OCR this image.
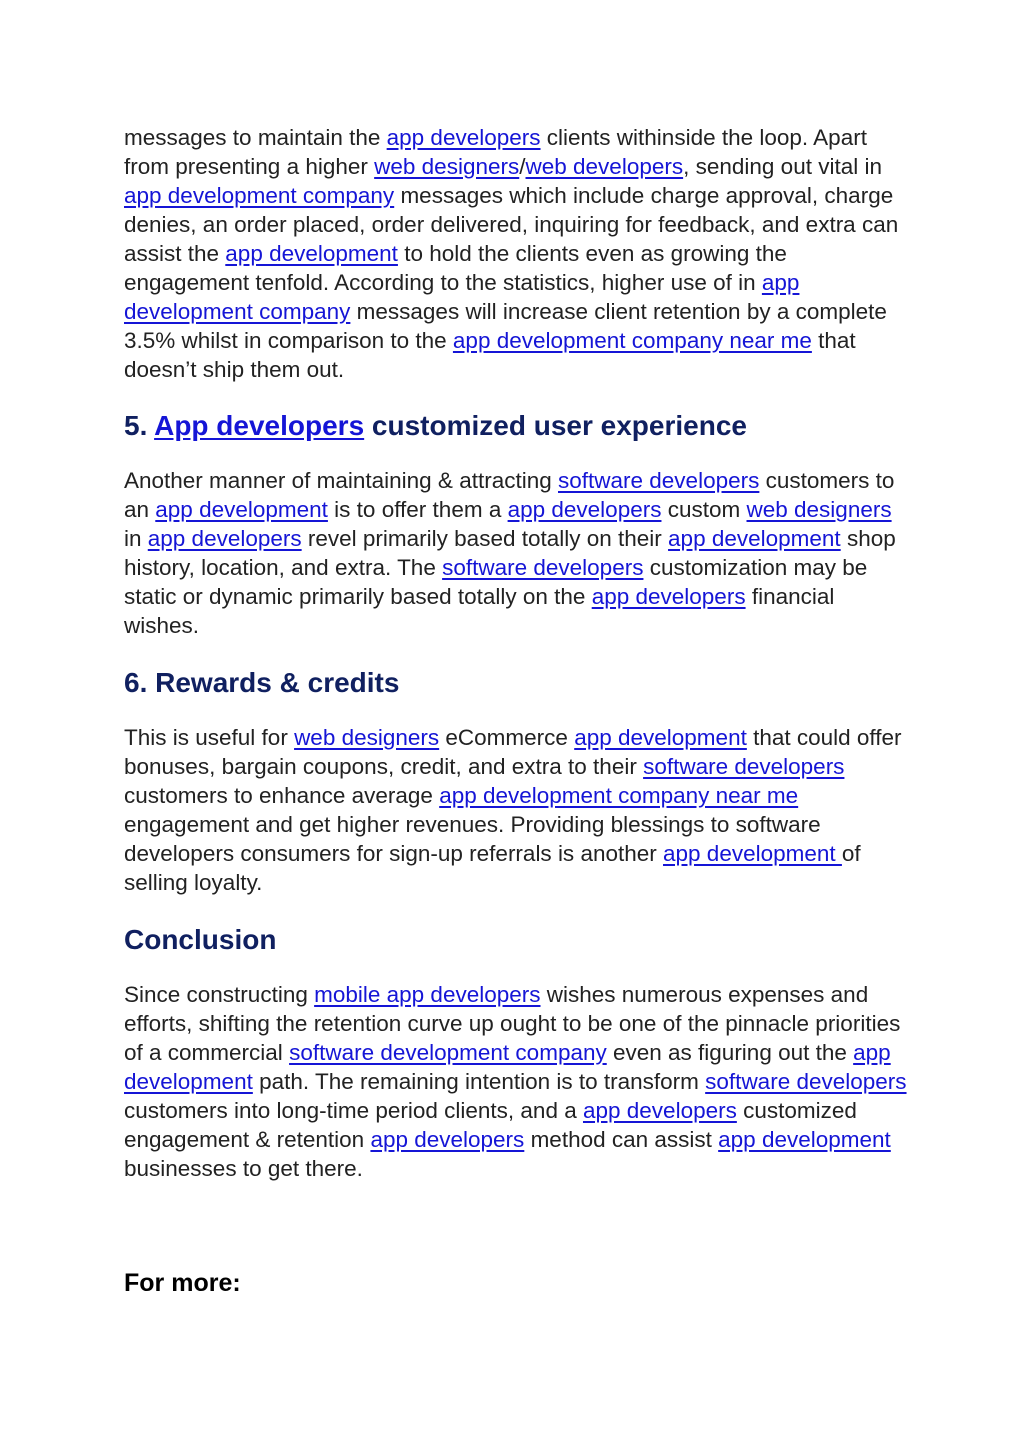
messages to maintain the app developers clients withinside the loop. Apart from presenting a higher web designers/web developers, sending out vital in app development company messages which include charge approval, charge denies, an order placed, order delivered, inquiring for feedback, and extra can assist the app development to hold the clients even as growing the engagement tenfold. According to the statistics, higher use of in app development company messages will increase client retention by a complete 3.5% whilst in comparison to the app development company near me that doesn’t ship them out.

5. App developers customized user experience

Another manner of maintaining & attracting software developers customers to an app development is to offer them a app developers custom web designers in app developers revel primarily based totally on their app development shop history, location, and extra. The software developers customization may be static or dynamic primarily based totally on the app developers financial wishes.

6. Rewards & credits

This is useful for web designers eCommerce app development that could offer bonuses, bargain coupons, credit, and extra to their software developers customers to enhance average app development company near me engagement and get higher revenues. Providing blessings to software developers consumers for sign-up referrals is another app development of selling loyalty.

Conclusion

Since constructing mobile app developers wishes numerous expenses and efforts, shifting the retention curve up ought to be one of the pinnacle priorities of a commercial software development company even as figuring out the app development path. The remaining intention is to transform software developers customers into long-time period clients, and a app developers customized engagement & retention app developers method can assist app development businesses to get there.

For more:
